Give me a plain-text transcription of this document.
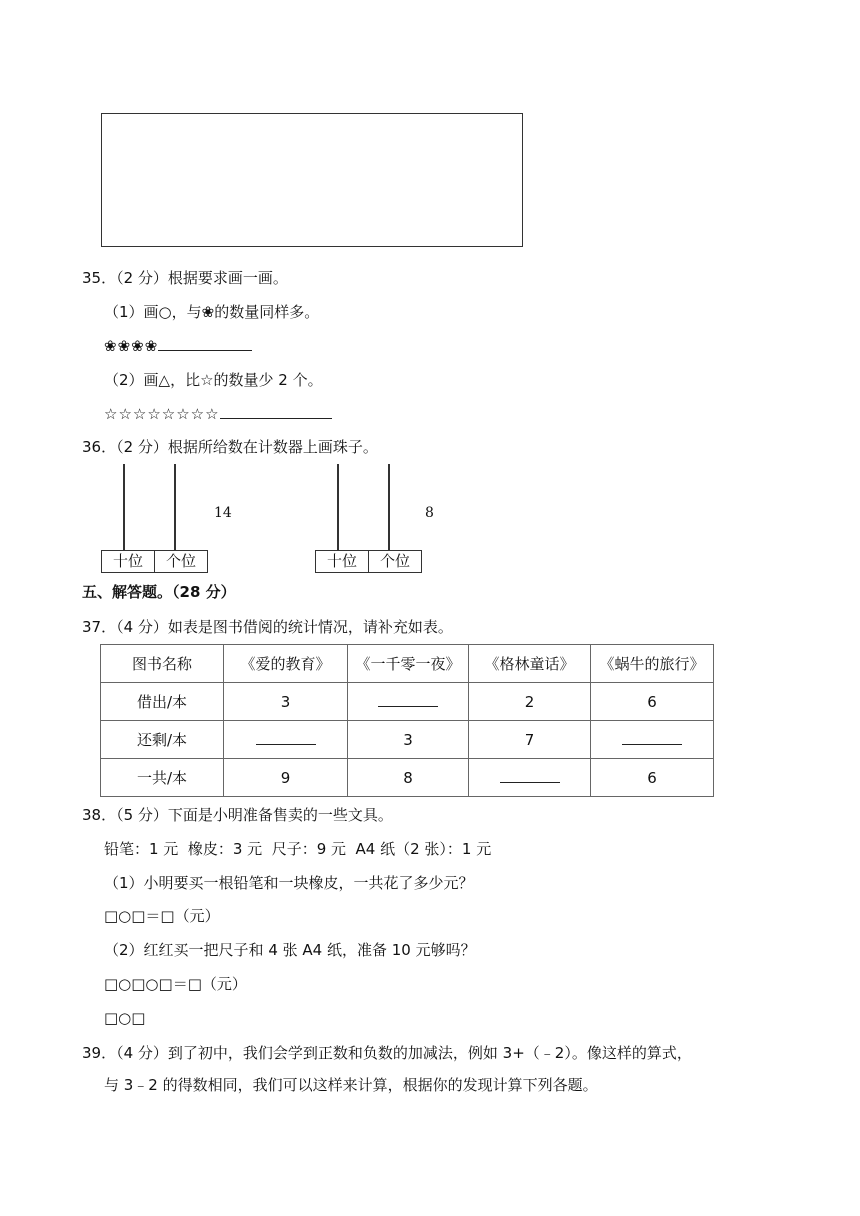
35．（2 分）根据要求画一画。
（1）画○，与❀的数量同样多。
❀❀❀❀
（2）画△，比☆的数量少 2 个。
☆☆☆☆☆☆☆☆
36．（2 分）根据所给数在计数器上画珠子。
十位	个位
14
十位	个位
8
五、解答题。（28 分）
37．（4 分）如表是图书借阅的统计情况，请补充如表。
图书名称	《爱的教育》	《一千零一夜》	《格林童话》	《蜗牛的旅行》
借出/本	3		2	6
还剩/本		3	7	
一共/本	9	8		6
38．（5 分）下面是小明准备售卖的一些文具。
铅笔：1 元  橡皮：3 元  尺子：9 元  A4 纸（2 张）：1 元
（1）小明要买一根铅笔和一块橡皮，一共花了多少元？
□○□＝□（元）
（2）红红买一把尺子和 4 张 A4 纸，准备 10 元够吗？
□○□○□＝□（元）
□○□
39．（4 分）到了初中，我们会学到正数和负数的加减法，例如 3+（﹣2）。像这样的算式，
与 3﹣2 的得数相同，我们可以这样来计算，根据你的发现计算下列各题。
